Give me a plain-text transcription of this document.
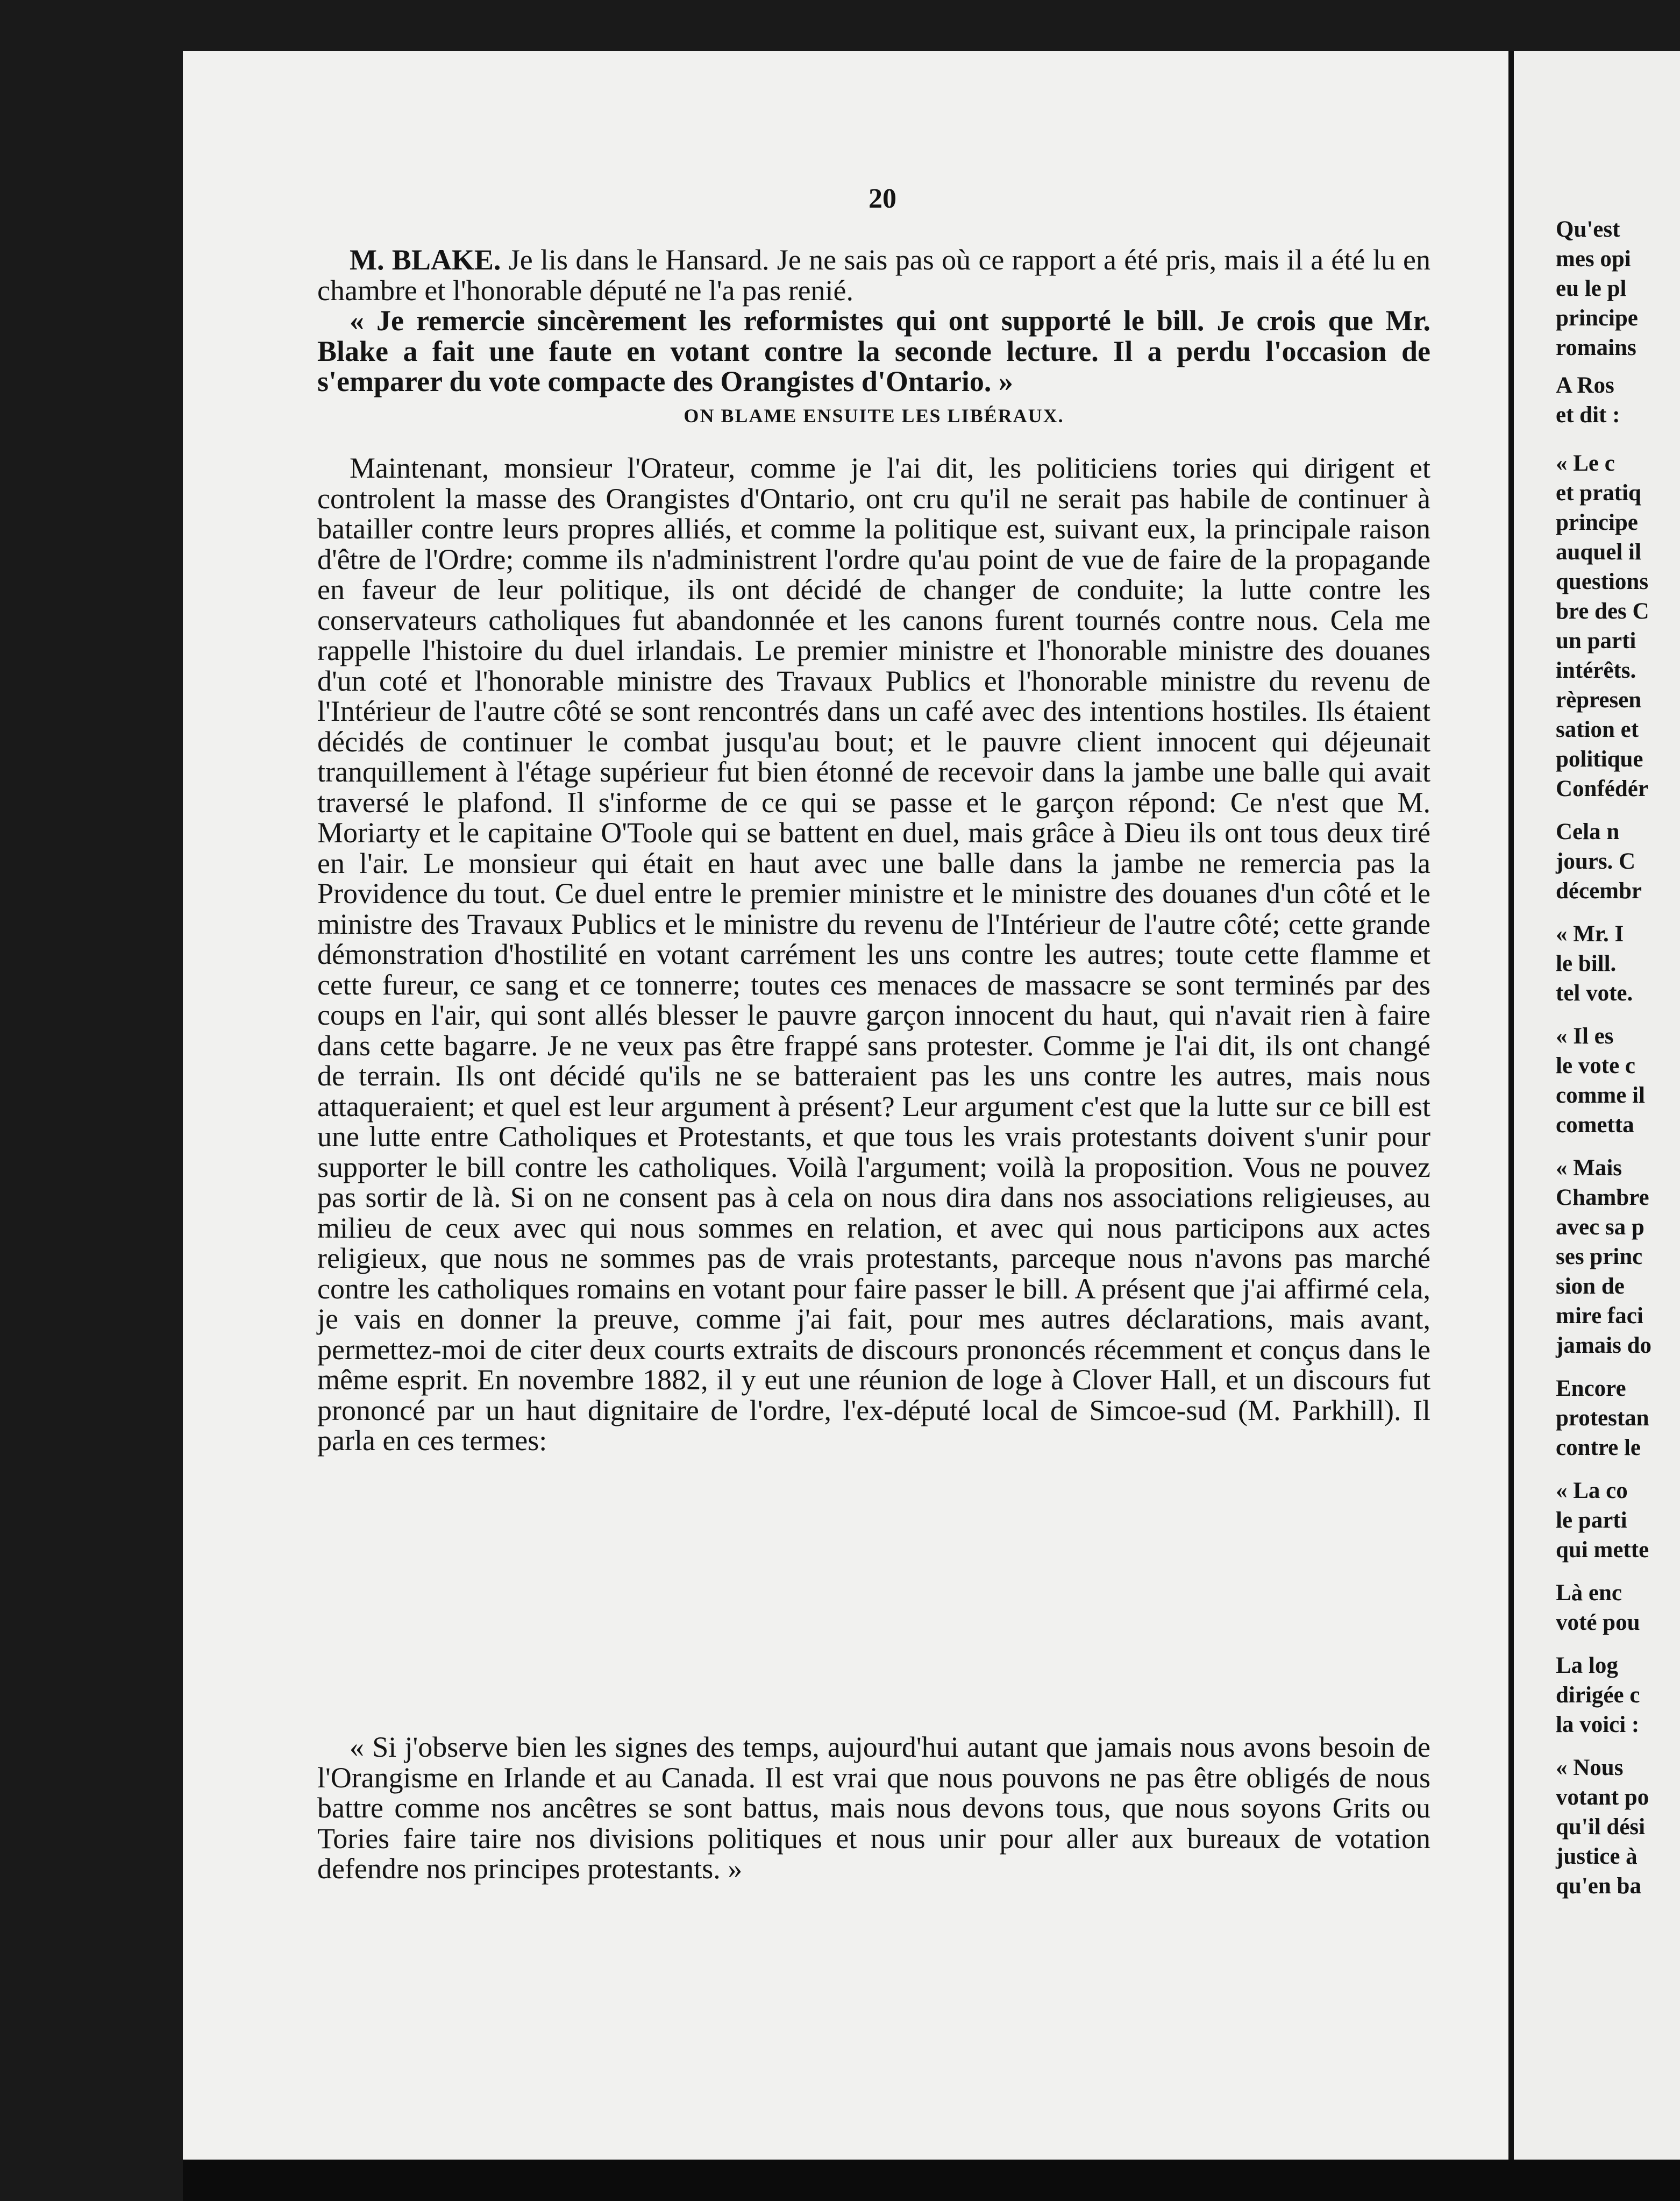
Qu'est
mes opi
eu le pl
principe
romains
A Ros
et dit :
« Le c
et pratiq
principe
auquel il
questions
bre des C
un parti
intérêts.
rèpresen
sation et
politique
Confédér
Cela n
jours. C
décembr
« Mr. I
le bill.
tel vote.
« Il es
le vote c
comme il
cometta
« Mais
Chambre
avec sa p
ses princ
sion de
mire faci
jamais do
Encore
protestan
contre le
« La co
le parti
qui mette
Là enc
voté pou
La log
dirigée c
la voici :
« Nous
votant po
qu'il dési
justice à
qu'en ba
20

M. BLAKE. Je lis dans le Hansard. Je ne sais pas où ce rapport a été pris, mais il a été lu en chambre et l'honorable député ne l'a pas renié.

« Je remercie sincèrement les reformistes qui ont supporté le bill. Je crois que Mr. Blake a fait une faute en votant contre la seconde lecture. Il a perdu l'occasion de s'emparer du vote compacte des Orangistes d'Ontario. »

ON BLAME ENSUITE LES LIBÉRAUX.

Maintenant, monsieur l'Orateur, comme je l'ai dit, les politiciens tories qui dirigent et controlent la masse des Orangistes d'Ontario, ont cru qu'il ne serait pas habile de continuer à batailler contre leurs propres alliés, et comme la politique est, suivant eux, la principale raison d'être de l'Ordre; comme ils n'administrent l'ordre qu'au point de vue de faire de la propagande en faveur de leur politique, ils ont décidé de changer de conduite; la lutte contre les conservateurs catholiques fut abandonnée et les canons furent tournés contre nous. Cela me rappelle l'histoire du duel irlandais. Le premier ministre et l'honorable ministre des douanes d'un coté et l'honorable ministre des Travaux Publics et l'honorable ministre du revenu de l'Intérieur de l'autre côté se sont rencontrés dans un café avec des intentions hostiles. Ils étaient décidés de continuer le combat jusqu'au bout; et le pauvre client innocent qui déjeunait tranquillement à l'étage supérieur fut bien étonné de recevoir dans la jambe une balle qui avait traversé le plafond. Il s'informe de ce qui se passe et le garçon répond: Ce n'est que M. Moriarty et le capitaine O'Toole qui se battent en duel, mais grâce à Dieu ils ont tous deux tiré en l'air. Le monsieur qui était en haut avec une balle dans la jambe ne remercia pas la Providence du tout. Ce duel entre le premier ministre et le ministre des douanes d'un côté et le ministre des Travaux Publics et le ministre du revenu de l'Intérieur de l'autre côté; cette grande démonstration d'hostilité en votant carrément les uns contre les autres; toute cette flamme et cette fureur, ce sang et ce tonnerre; toutes ces menaces de massacre se sont terminés par des coups en l'air, qui sont allés blesser le pauvre garçon innocent du haut, qui n'avait rien à faire dans cette bagarre. Je ne veux pas être frappé sans protester. Comme je l'ai dit, ils ont changé de terrain. Ils ont décidé qu'ils ne se batteraient pas les uns contre les autres, mais nous attaqueraient; et quel est leur argument à présent? Leur argument c'est que la lutte sur ce bill est une lutte entre Catholiques et Protestants, et que tous les vrais protestants doivent s'unir pour supporter le bill contre les catholiques. Voilà l'argument; voilà la proposition. Vous ne pouvez pas sortir de là. Si on ne consent pas à cela on nous dira dans nos associations religieuses, au milieu de ceux avec qui nous sommes en relation, et avec qui nous participons aux actes religieux, que nous ne sommes pas de vrais protestants, parceque nous n'avons pas marché contre les catholiques romains en votant pour faire passer le bill. A présent que j'ai affirmé cela, je vais en donner la preuve, comme j'ai fait, pour mes autres déclarations, mais avant, permettez-moi de citer deux courts extraits de discours prononcés récemment et conçus dans le même esprit. En novembre 1882, il y eut une réunion de loge à Clover Hall, et un discours fut prononcé par un haut dignitaire de l'ordre, l'ex-député local de Simcoe-sud (M. Parkhill). Il parla en ces termes:

« Si j'observe bien les signes des temps, aujourd'hui autant que jamais nous avons besoin de l'Orangisme en Irlande et au Canada. Il est vrai que nous pouvons ne pas être obligés de nous battre comme nos ancêtres se sont battus, mais nous devons tous, que nous soyons Grits ou Tories faire taire nos divisions politiques et nous unir pour aller aux bureaux de votation defendre nos principes protestants. »
